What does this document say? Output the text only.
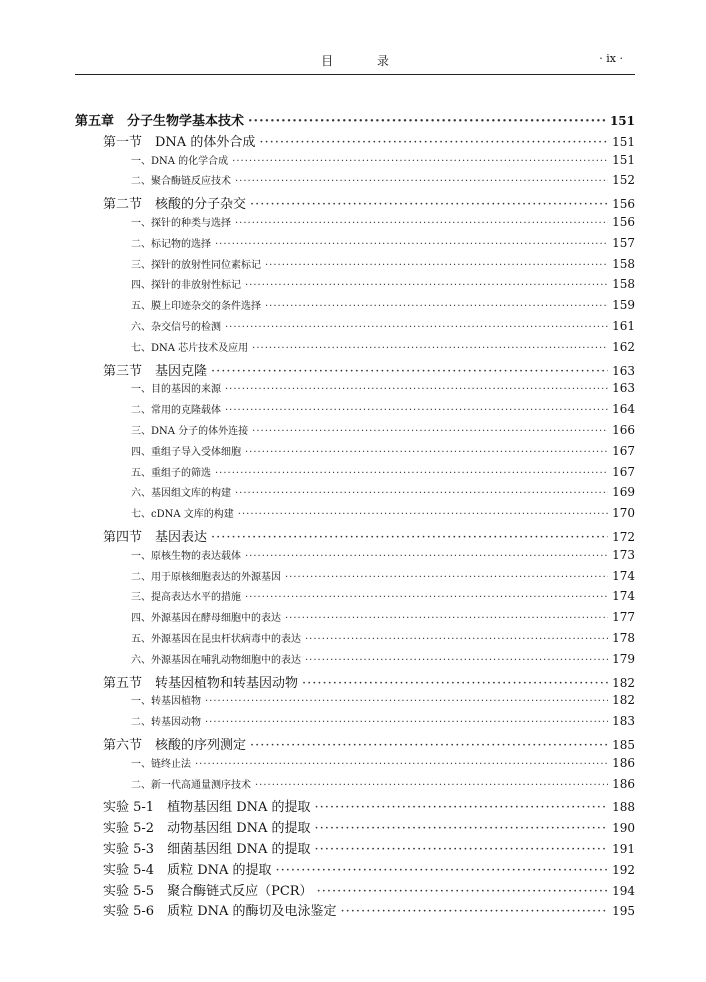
目 录	· ix ·
第五章　分子生物学基本技术 ·····	151
第一节　DNA 的体外合成 ·····	151
一、DNA 的化学合成 ·····	151
二、聚合酶链反应技术 ·····	152
第二节　核酸的分子杂交 ·····	156
一、探针的种类与选择 ·····	156
二、标记物的选择 ·····	157
三、探针的放射性同位素标记 ·····	158
四、探针的非放射性标记 ·····	158
五、膜上印迹杂交的条件选择 ·····	159
六、杂交信号的检测 ·····	161
七、DNA 芯片技术及应用 ·····	162
第三节　基因克隆 ·····	163
一、目的基因的来源 ·····	163
二、常用的克隆载体 ·····	164
三、DNA 分子的体外连接 ·····	166
四、重组子导入受体细胞 ·····	167
五、重组子的筛选 ·····	167
六、基因组文库的构建 ·····	169
七、cDNA 文库的构建 ·····	170
第四节　基因表达 ·····	172
一、原核生物的表达载体 ·····	173
二、用于原核细胞表达的外源基因 ·····	174
三、提高表达水平的措施 ·····	174
四、外源基因在酵母细胞中的表达 ·····	177
五、外源基因在昆虫杆状病毒中的表达 ·····	178
六、外源基因在哺乳动物细胞中的表达 ·····	179
第五节　转基因植物和转基因动物 ·····	182
一、转基因植物 ·····	182
二、转基因动物 ·····	183
第六节　核酸的序列测定 ·····	185
一、链终止法 ·····	186
二、新一代高通量测序技术 ·····	186
实验 5-1　植物基因组 DNA 的提取 ·····	188
实验 5-2　动物基因组 DNA 的提取 ·····	190
实验 5-3　细菌基因组 DNA 的提取 ·····	191
实验 5-4　质粒 DNA 的提取 ·····	192
实验 5-5　聚合酶链式反应（PCR） ·····	194
实验 5-6　质粒 DNA 的酶切及电泳鉴定 ·····	195
